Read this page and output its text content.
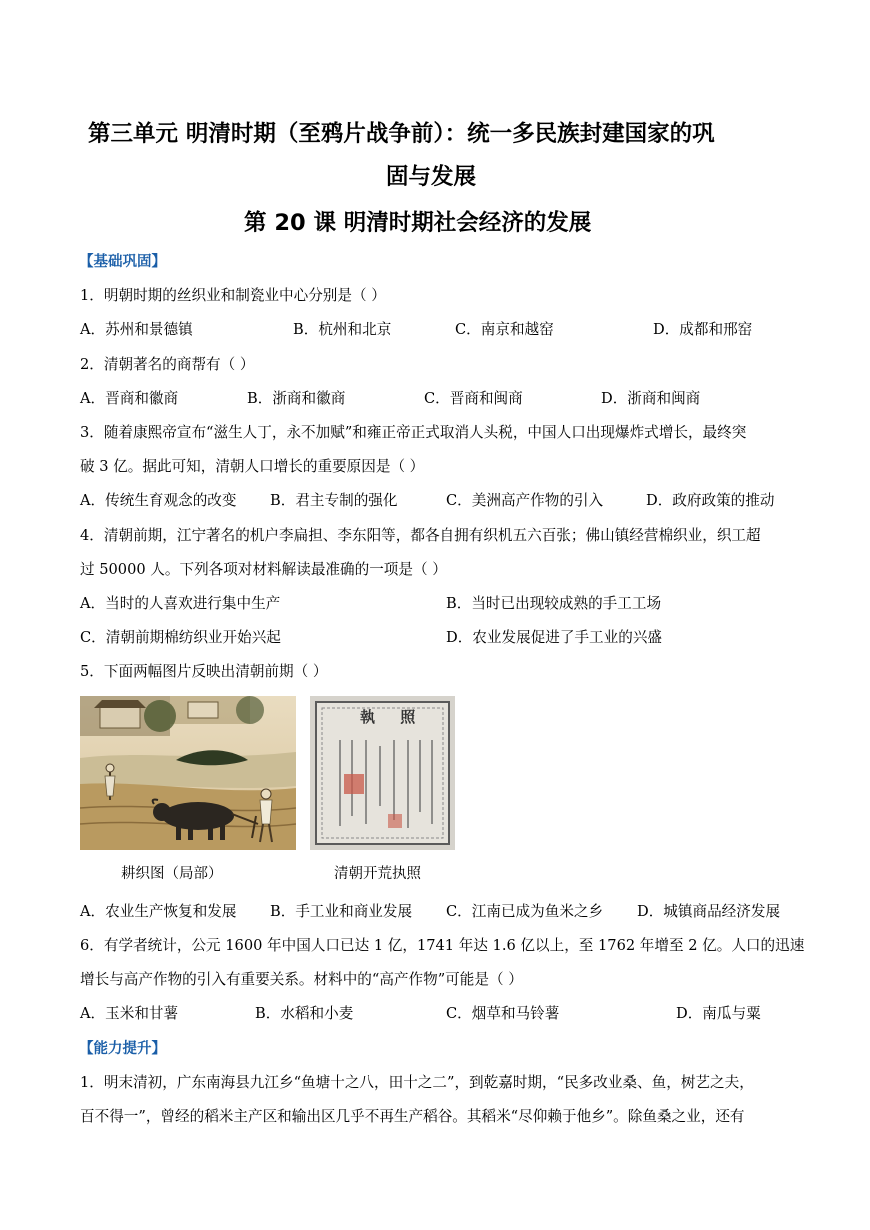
第三单元 明清时期（至鸦片战争前）：统一多民族封建国家的巩
固与发展
第 20 课 明清时期社会经济的发展
【基础巩固】
1．明朝时期的丝织业和制瓷业中心分别是（ ）
A．苏州和景德镇	B．杭州和北京	C．南京和越窑	D．成都和邢窑
2．清朝著名的商帮有（ ）
A．晋商和徽商	B．浙商和徽商	C．晋商和闽商	D．浙商和闽商
3．随着康熙帝宣布“滋生人丁，永不加赋”和雍正帝正式取消人头税，中国人口出现爆炸式增长，最终突
破 3 亿。据此可知，清朝人口增长的重要原因是（ ）
A．传统生育观念的改变 B．君主专制的强化	C．美洲高产作物的引入	D．政府政策的推动
4．清朝前期，江宁著名的机户李扁担、李东阳等，都各自拥有织机五六百张；佛山镇经营棉织业，织工超
过 50000 人。下列各项对材料解读最准确的一项是（ ）
A．当时的人喜欢进行集中生产	B．当时已出现较成熟的手工工场
C．清朝前期棉纺织业开始兴起	D．农业发展促进了手工业的兴盛
5．下面两幅图片反映出清朝前期（ ）
耕织图（局部）
執 照
清朝开荒执照
A．农业生产恢复和发展 B．手工业和商业发展 C．江南已成为鱼米之乡 D．城镇商品经济发展
6．有学者统计，公元 1600 年中国人口已达 1 亿，1741 年达 1.6 亿以上，至 1762 年增至 2 亿。人口的迅速
增长与高产作物的引入有重要关系。材料中的“高产作物”可能是（ ）
A．玉米和甘薯	B．水稻和小麦	C．烟草和马铃薯	D．南瓜与粟
【能力提升】
1．明末清初，广东南海县九江乡“鱼塘十之八，田十之二”，到乾嘉时期，“民多改业桑、鱼，树艺之夫，
百不得一”，曾经的稻米主产区和输出区几乎不再生产稻谷。其稻米“尽仰赖于他乡”。除鱼桑之业，还有
